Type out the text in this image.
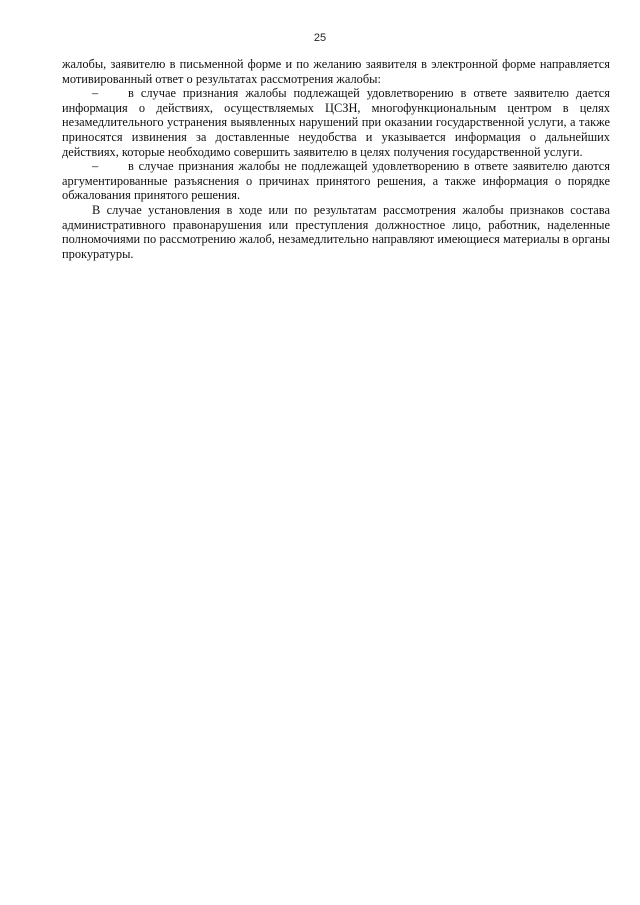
25

жалобы, заявителю в письменной форме и по желанию заявителя в электронной форме направляется мотивированный ответ о результатах рассмотрения жалобы:

– в случае признания жалобы подлежащей удовлетворению в ответе заявителю дается информация о действиях, осуществляемых ЦСЗН, многофункциональным центром в целях незамедлительного устранения выявленных нарушений при оказании государственной услуги, а также приносятся извинения за доставленные неудобства и указывается информация о дальнейших действиях, которые необходимо совершить заявителю в целях получения государственной услуги.

– в случае признания жалобы не подлежащей удовлетворению в ответе заявителю даются аргументированные разъяснения о причинах принятого решения, а также информация о порядке обжалования принятого решения.

В случае установления в ходе или по результатам рассмотрения жалобы признаков состава административного правонарушения или преступления должностное лицо, работник, наделенные полномочиями по рассмотрению жалоб, незамедлительно направляют имеющиеся материалы в органы прокуратуры.
